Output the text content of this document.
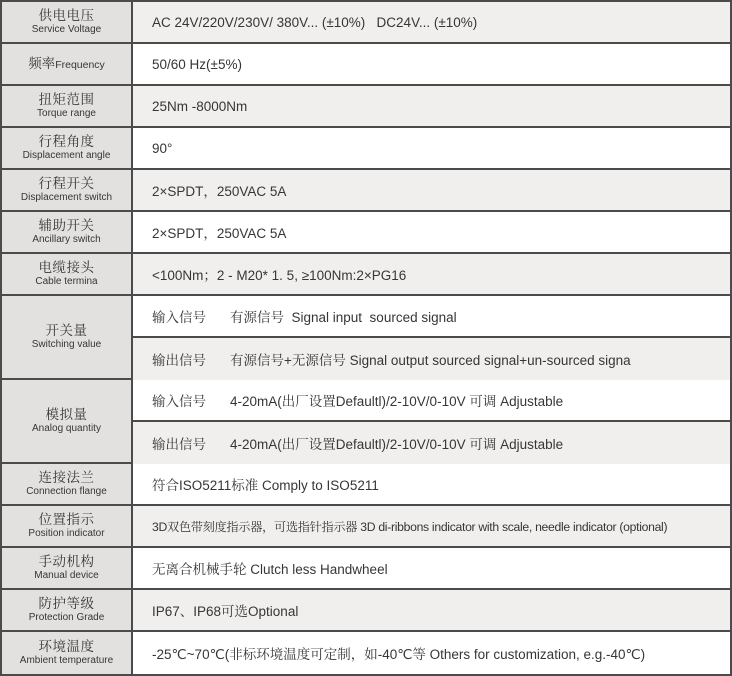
供电电压
Service Voltage	AC 24V/220V/230V/ 380V... (±10%)   DC24V... (±10%)
频率 Frequency	50/60 Hz(±5%)
扭矩范围
Torque range	25Nm -8000Nm
行程角度
Displacement angle	90°
行程开关
Displacement switch	2×SPDT，250VAC 5A
辅助开关
Ancillary switch	2×SPDT，250VAC 5A
电缆接头
Cable termina	<100Nm；2 - M20* 1. 5, ≥100Nm:2×PG16
开关量
Switching value
输入信号 有源信号  Signal input  sourced signal
输出信号 有源信号+无源信号 Signal output sourced signal+un-sourced signa
模拟量
Analog quantity
输入信号 4-20mA(出厂设置Defaultl)/2-10V/0-10V 可调 Adjustable
输出信号 4-20mA(出厂设置Defaultl)/2-10V/0-10V 可调 Adjustable
连接法兰
Connection flange	符合ISO5211标准 Comply to ISO5211
位置指示
Position indicator	3D双色带刻度指示器，可选指针指示器 3D di-ribbons indicator with scale, needle indicator (optional)
手动机构
Manual device	无离合机械手轮 Clutch less Handwheel
防护等级
Protection Grade	IP67、IP68可选Optional
环境温度
Ambient temperature	-25℃~70℃(非标环境温度可定制，如-40℃等 Others for customization, e.g.-40℃)
